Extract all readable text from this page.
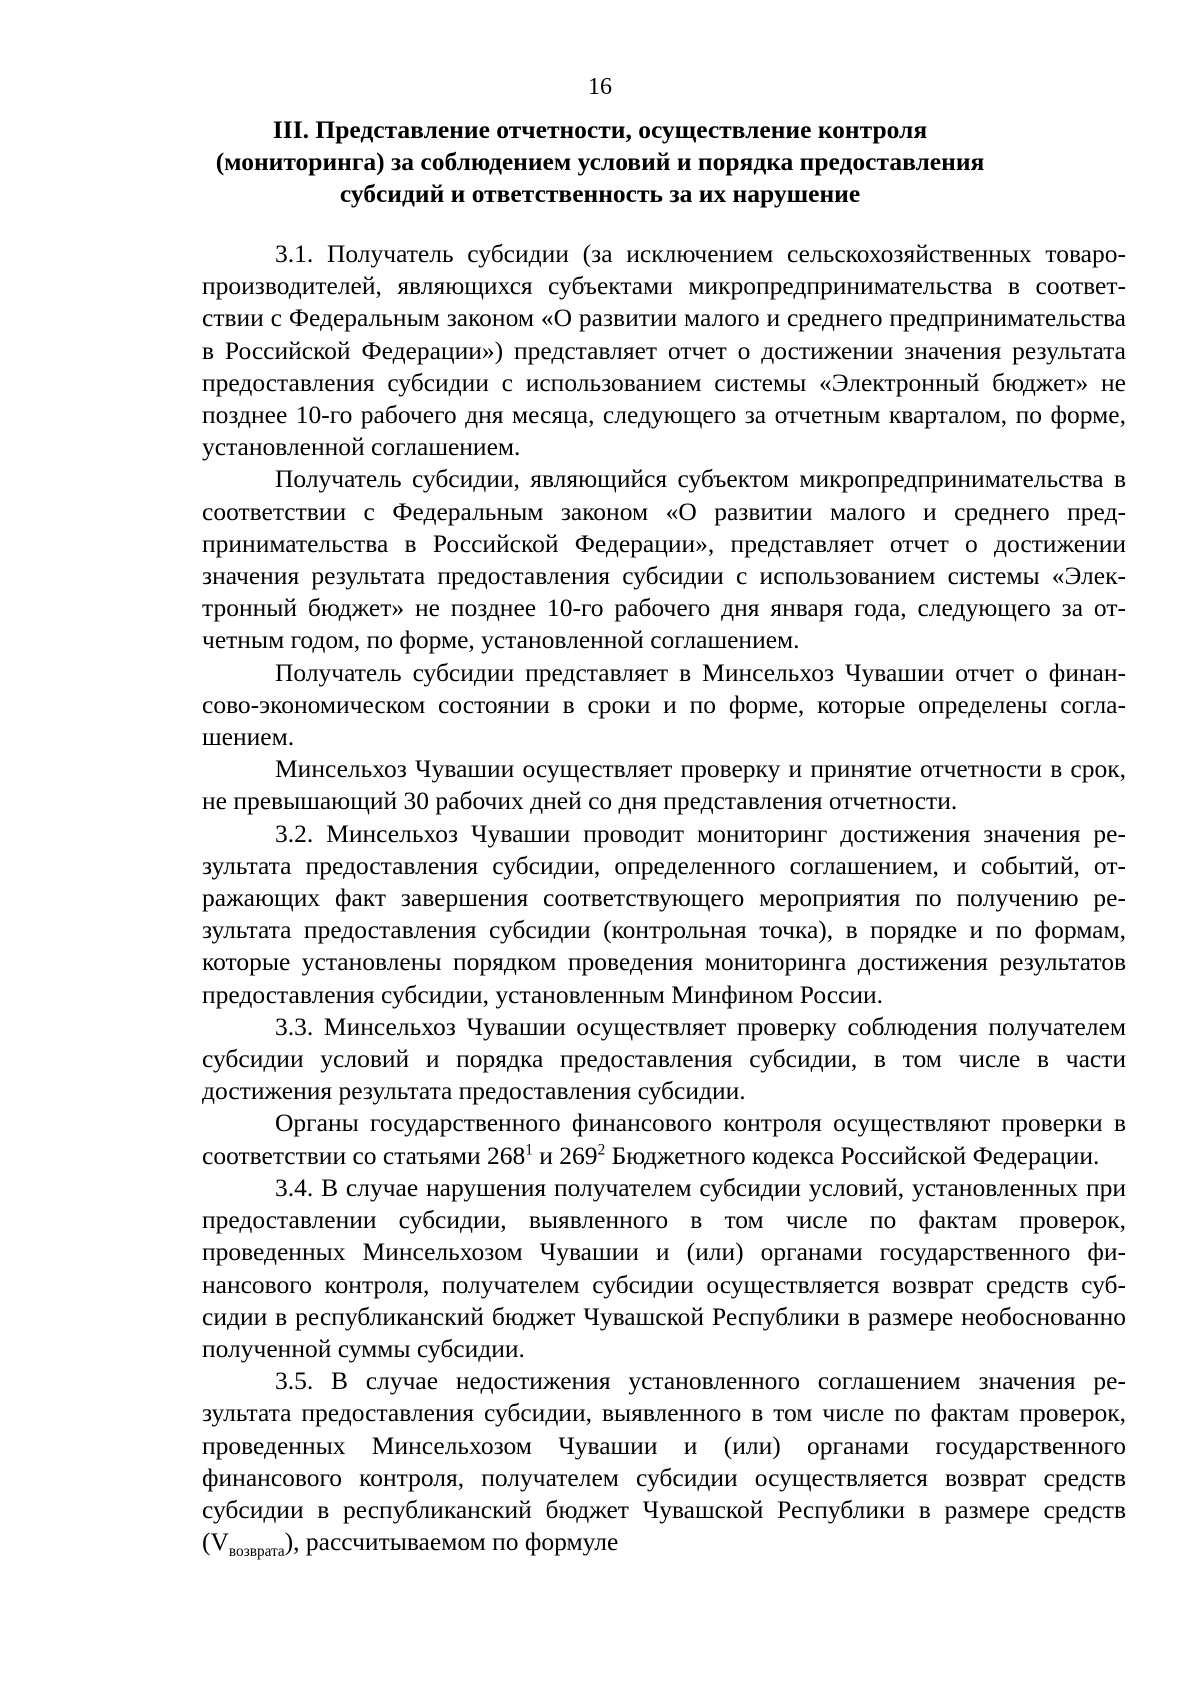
16
III. Представление отчетности, осуществление контроля
(мониторинга) за соблюдением условий и порядка предоставления
субсидий и ответственность за их нарушение

3.1. Получатель субсидии (за исключением сельскохозяйственных товаропроизводителей, являющихся субъектами микропредпринимательства в соответствии с Федеральным законом «О развитии малого и среднего предпринимательства в Российской Федерации») представляет отчет о достижении значения результата предоставления субсидии с использованием системы «Электронный бюджет» не позднее 10-го рабочего дня месяца, следующего за отчетным кварталом, по форме, установленной соглашением.

Получатель субсидии, являющийся субъектом микропредпринимательства в соответствии с Федеральным законом «О развитии малого и среднего предпринимательства в Российской Федерации», представляет отчет о достижении значения результата предоставления субсидии с использованием системы «Электронный бюджет» не позднее 10-го рабочего дня января года, следующего за отчетным годом, по форме, установленной соглашением.

Получатель субсидии представляет в Минсельхоз Чувашии отчет о финансово-экономическом состоянии в сроки и по форме, которые определены соглашением.

Минсельхоз Чувашии осуществляет проверку и принятие отчетности в срок, не превышающий 30 рабочих дней со дня представления отчетности.

3.2. Минсельхоз Чувашии проводит мониторинг достижения значения результата предоставления субсидии, определенного соглашением, и событий, отражающих факт завершения соответствующего мероприятия по получению результата предоставления субсидии (контрольная точка), в порядке и по формам, которые установлены порядком проведения мониторинга достижения результатов предоставления субсидии, установленным Минфином России.

3.3. Минсельхоз Чувашии осуществляет проверку соблюдения получателем субсидии условий и порядка предоставления субсидии, в том числе в части достижения результата предоставления субсидии.

Органы государственного финансового контроля осуществляют проверки в соответствии со статьями $268^1$ и $269^2$ Бюджетного кодекса Российской Федерации.

3.4. В случае нарушения получателем субсидии условий, установленных при предоставлении субсидии, выявленного в том числе по фактам проверок, проведенных Минсельхозом Чувашии и (или) органами государственного финансового контроля, получателем субсидии осуществляется возврат средств субсидии в республиканский бюджет Чувашской Республики в размере необоснованно полученной суммы субсидии.

3.5. В случае недостижения установленного соглашением значения результата предоставления субсидии, выявленного в том числе по фактам проверок, проведенных Минсельхозом Чувашии и (или) органами государственного финансового контроля, получателем субсидии осуществляется возврат средств субсидии в республиканский бюджет Чувашской Республики в размере средств $(V_{возврата})$, рассчитываемом по формуле
